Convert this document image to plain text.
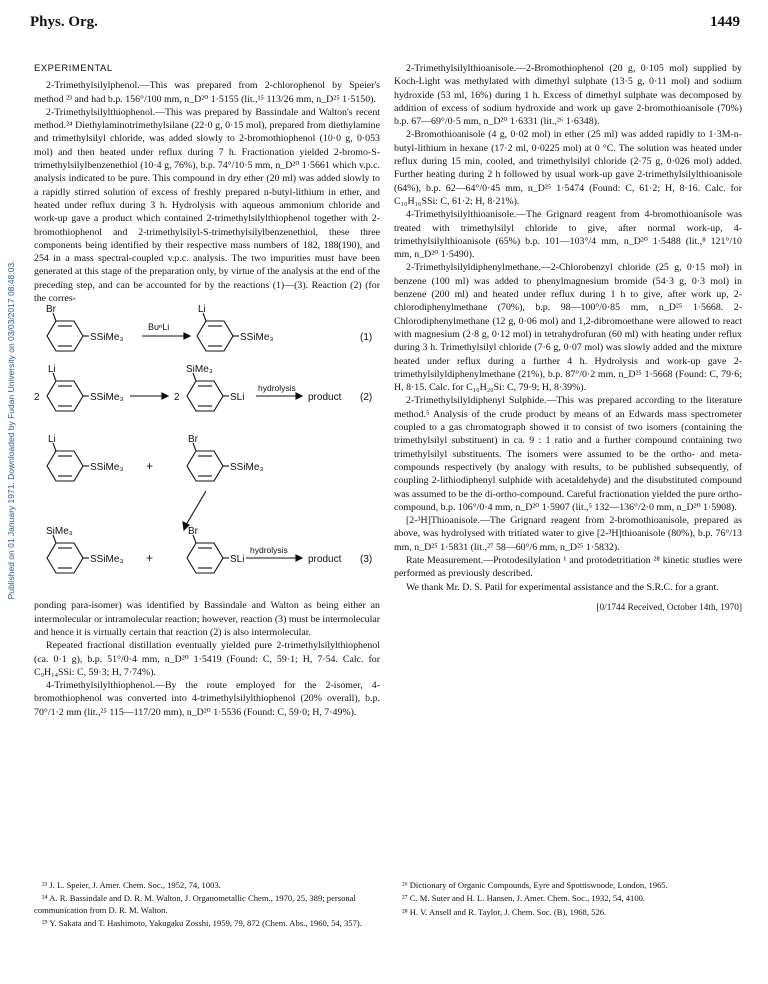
Phys. Org.	1449
Published on 01 January 1971. Downloaded by Fudan University on 03/03/2017 08:48:03.
EXPERIMENTAL

2-Trimethylsilylphenol.—This was prepared from 2-chlorophenol by Speier's method ²³ and had b.p. 156°/100 mm, n_D²⁰ 1·5155 (lit.,¹⁵ 113/26 mm, n_D²⁵ 1·5150).

2-Trimethylsilylthiophenol.—This was prepared by Bassindale and Walton's recent method.²⁴ Diethylaminotrimethylsilane (22·0 g, 0·15 mol), prepared from diethylamine and trimethylsilyl chloride, was added slowly to 2-bromothiophenol (10·0 g, 0·053 mol) and then heated under reflux during 7 h. Fractionation yielded 2-bromo-S-trimethylsilylbenzenethiol (10·4 g, 76%), b.p. 74°/10·5 mm, n_D²⁰ 1·5661 which v.p.c. analysis indicated to be pure. This compound in dry ether (20 ml) was added slowly to a rapidly stirred solution of excess of freshly prepared n-butyl-lithium in ether, and heated under reflux during 3 h. Hydrolysis with aqueous ammonium chloride and work-up gave a product which contained 2-trimethylsilylthiophenol together with 2-bromothiophenol and 2-trimethylsilyl-S-trimethylsilylbenzenethiol, these three components being identified by their respective mass numbers of 182, 188(190), and 254 in a mass spectral-coupled v.p.c. analysis. The two impurities must have been generated at this stage of the preparation only, by virtue of the analysis at the end of the preceding step, and can be accounted for by the reactions (1)—(3). Reaction (2) (for the corres-

Br
SSiMe₃
BuⁿLi
Li
SSiMe₃	(1)
2
Li
SSiMe₃	2
SiMe₃
SLi
hydrolysis
product (2)
Li
SSiMe₃ +
Br
SSiMe₃
SiMe₃
SSiMe₃ +
Br
SLi
hydrolysis
product (3)

ponding para-isomer) was identified by Bassindale and Walton as being either an intermolecular or intramolecular reaction; however, reaction (3) must be intermolecular and hence it is virtually certain that reaction (2) is also intermolecular.

Repeated fractional distillation eventually yielded pure 2-trimethylsilylthiophenol (ca. 0·1 g), b.p. 51°/0·4 mm, n_D²⁰ 1·5419 (Found: C, 59·1; H, 7·54. Calc. for C₉H₁₄SSi: C, 59·3; H, 7·74%).

4-Trimethylsilylthiophenol.—By the route employed for the 2-isomer, 4-bromothiophenol was converted into 4-trimethylsilylthiophenol (20% overall), b.p. 70°/1·2 mm (lit.,²⁵ 115—117/20 mm), n_D²⁰ 1·5536 (Found: C, 59·0; H, 7·49%).

2-Trimethylsilylthioanisole.—2-Bromothiophenol (20 g, 0·105 mol) supplied by Koch-Light was methylated with dimethyl sulphate (13·5 g, 0·11 mol) and sodium hydroxide (53 ml, 16%) during 1 h. Excess of dimethyl sulphate was decomposed by addition of excess of sodium hydroxide and work up gave 2-bromothioanisole (70%) b.p. 67—69°/0·5 mm, n_D²⁰ 1·6331 (lit.,²⁶ 1·6348).

2-Bromothioanisole (4 g, 0·02 mol) in ether (25 ml) was added rapidly to 1·3M-n-butyl-lithium in hexane (17·2 ml, 0·0225 mol) at 0 °C. The solution was heated under reflux during 15 min, cooled, and trimethylsilyl chloride (2·75 g, 0·026 mol) added. Further heating during 2 h followed by usual work-up gave 2-trimethylsilylthioanisole (64%), b.p. 62—64°/0·45 mm, n_D²⁵ 1·5474 (Found: C, 61·2; H, 8·16. Calc. for C₁₀H₁₆SSi: C, 61·2; H, 8·21%).

4-Trimethylsilylthioanisole.—The Grignard reagent from 4-bromothioanisole was treated with trimethylsilyl chloride to give, after normal work-up, 4-trimethylsilylthioanisole (65%) b.p. 101—103°/4 mm, n_D²⁰ 1·5488 (lit.,⁸ 121°/10 mm, n_D²⁰ 1·5490).

2-Trimethylsilyldiphenylmethane.—2-Chlorobenzyl chloride (25 g, 0·15 mol) in benzene (100 ml) was added to phenylmagnesium bromide (54·3 g, 0·3 mol) in benzene (200 ml) and heated under reflux during 1 h to give, after work up, 2-chlorodiphenylmethane (70%), b.p. 98—100°/0·85 mm, n_D²⁵ 1·5668. 2-Chlorodiphenylmethane (12 g, 0·06 mol) and 1,2-dibromoethane were allowed to react with magnesium (2·8 g, 0·12 mol) in tetrahydrofuran (60 ml) with heating under reflux during 3 h. Trimethylsilyl chloride (7·6 g, 0·07 mol) was slowly added and the mixture heated under reflux during a further 4 h. Hydrolysis and work-up gave 2-trimethylsilyldiphenylmethane (21%), b.p. 87°/0·2 mm, n_D²⁵ 1·5668 (Found: C, 79·6; H, 8·15. Calc. for C₁₆H₂₀Si: C, 79·9; H, 8·39%).

2-Trimethylsilyldiphenyl Sulphide.—This was prepared according to the literature method.⁵ Analysis of the crude product by means of an Edwards mass spectrometer coupled to a gas chromatograph showed it to consist of two isomers (containing the trimethylsilyl substituent) in ca. 9 : 1 ratio and a further compound containing two trimethylsilyl substituents. The isomers were assumed to be the ortho- and meta-compounds respectively (by analogy with results, to be published subsequently, of coupling 2-lithiodiphenyl sulphide with acetaldehyde) and the disubstituted compound was assumed to be the di-ortho-compound. Careful fractionation yielded the pure ortho-compound, b.p. 106°/0·4 mm, n_D²⁰ 1·5907 (lit.,⁵ 132—136°/2·0 mm, n_D²⁰ 1·5908).

[2-³H]Thioanisole.—The Grignard reagent from 2-bromothioanisole, prepared as above, was hydrolysed with tritiated water to give [2-³H]thioanisole (80%), b.p. 76°/13 mm, n_D²⁵ 1·5831 (lit.,²⁷ 58—60°/6 mm, n_D²⁵ 1·5832).

Rate Measurement.—Protodesilylation ¹ and protodetritiation ²⁸ kinetic studies were performed as previously described.

We thank Mr. D. S. Patil for experimental assistance and the S.R.C. for a grant.

[0/1744 Received, October 14th, 1970]

²³ J. L. Speier, J. Amer. Chem. Soc., 1952, 74, 1003.

²⁴ A. R. Bassindale and D. R. M. Walton, J. Organometallic Chem., 1970, 25, 389; personal communication from D. R. M. Walton.

²⁵ Y. Sakata and T. Hashimoto, Yakugaku Zosshi, 1959, 79, 872 (Chem. Abs., 1960, 54, 357).

²⁶ Dictionary of Organic Compounds, Eyre and Spottiswoode, London, 1965.

²⁷ C. M. Suter and H. L. Hansen, J. Amer. Chem. Soc., 1932, 54, 4100.

²⁸ H. V. Ansell and R. Taylor, J. Chem. Soc. (B), 1968, 526.
